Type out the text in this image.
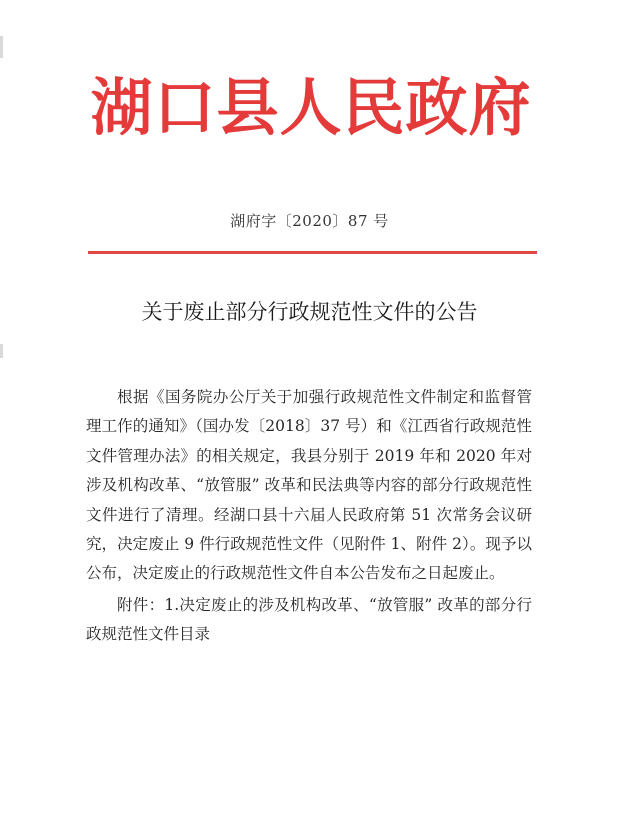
湖口县人民政府
湖府字〔2020〕87 号
关于废止部分行政规范性文件的公告

根据《国务院办公厅关于加强行政规范性文件制定和监督管理工作的通知》（国办发〔2018〕37 号）和《江西省行政规范性文件管理办法》的相关规定，我县分别于 2019 年和 2020 年对涉及机构改革、“放管服” 改革和民法典等内容的部分行政规范性文件进行了清理。经湖口县十六届人民政府第 51 次常务会议研究，决定废止 9 件行政规范性文件（见附件 1、附件 2）。现予以公布，决定废止的行政规范性文件自本公告发布之日起废止。

附件：1.决定废止的涉及机构改革、“放管服” 改革的部分行政规范性文件目录
